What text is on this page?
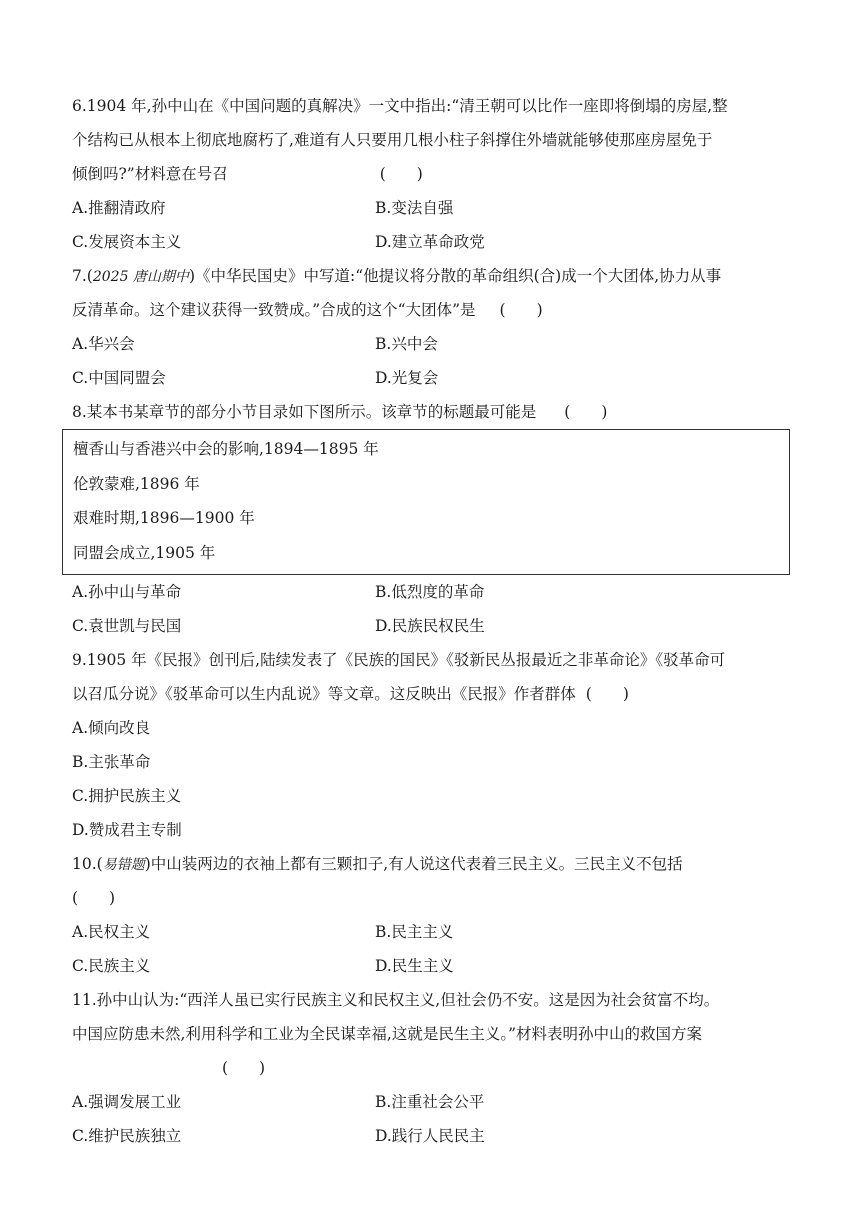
6.1904 年,孙中山在《中国问题的真解决》一文中指出:“清王朝可以比作一座即将倒塌的房屋,整
个结构已从根本上彻底地腐朽了,难道有人只要用几根小柱子斜撑住外墙就能够使那座房屋免于
倾倒吗?”材料意在号召	(　　)
A.推翻清政府	B.变法自强
C.发展资本主义	D.建立革命政党
7.(2025 唐山期中)《中华民国史》中写道:“他提议将分散的革命组织(合)成一个大团体,协力从事
反清革命。这个建议获得一致赞成。”合成的这个“大团体”是 (　　)
A.华兴会	B.兴中会
C.中国同盟会	D.光复会
8.某本书某章节的部分小节目录如下图所示。该章节的标题最可能是 (　　)
檀香山与香港兴中会的影响,1894—1895 年
伦敦蒙难,1896 年
艰难时期,1896—1900 年
同盟会成立,1905 年
A.孙中山与革命	B.低烈度的革命
C.袁世凯与民国	D.民族民权民生
9.1905 年《民报》创刊后,陆续发表了《民族的国民》《驳新民丛报最近之非革命论》《驳革命可
以召瓜分说》《驳革命可以生内乱说》等文章。这反映出《民报》作者群体 (　　)
A.倾向改良
B.主张革命
C.拥护民族主义
D.赞成君主专制
10.(易错题)中山装两边的衣袖上都有三颗扣子,有人说这代表着三民主义。三民主义不包括
(　　)
A.民权主义	B.民主主义
C.民族主义	D.民生主义
11.孙中山认为:“西洋人虽已实行民族主义和民权主义,但社会仍不安。这是因为社会贫富不均。
中国应防患未然,利用科学和工业为全民谋幸福,这就是民生主义。”材料表明孙中山的救国方案
(　　)
A.强调发展工业	B.注重社会公平
C.维护民族独立	D.践行人民民主
